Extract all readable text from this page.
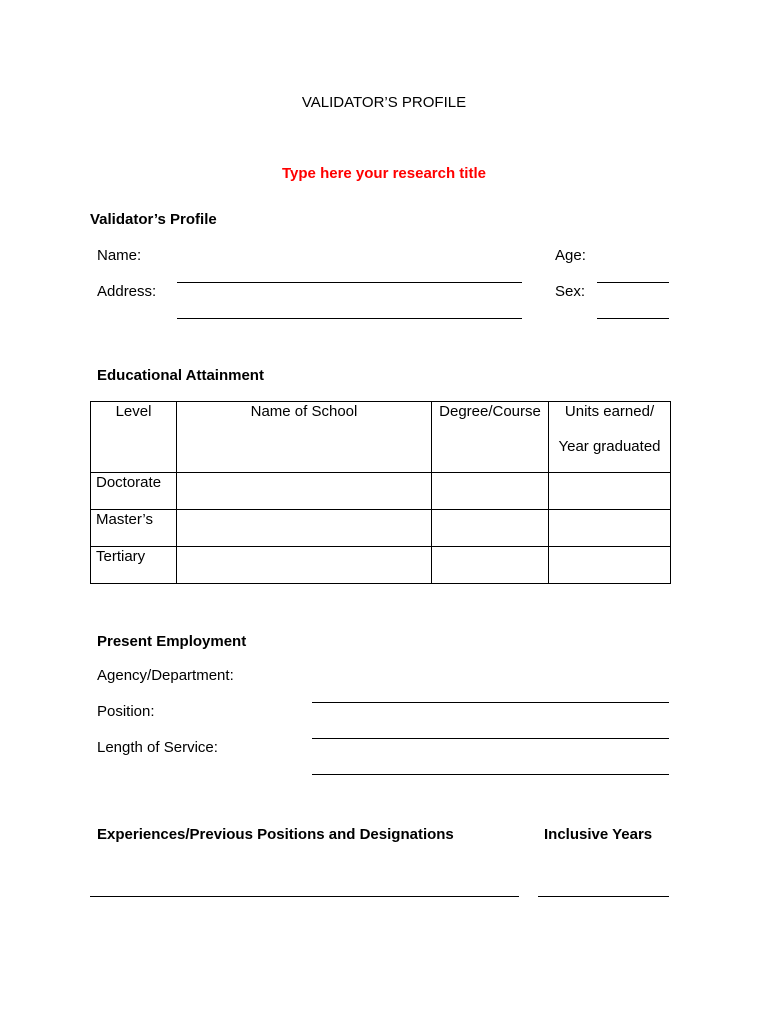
VALIDATOR’S PROFILE
Type here your research title
Validator’s Profile
Name:
Address:
Age:
Sex:
Educational Attainment
Level	Name of School	Degree/Course	Units earned/
Year graduated

Doctorate			
Master’s			
Tertiary			
Present Employment
Agency/Department:
Position:
Length of Service:
Experiences/Previous Positions and Designations	Inclusive Years
